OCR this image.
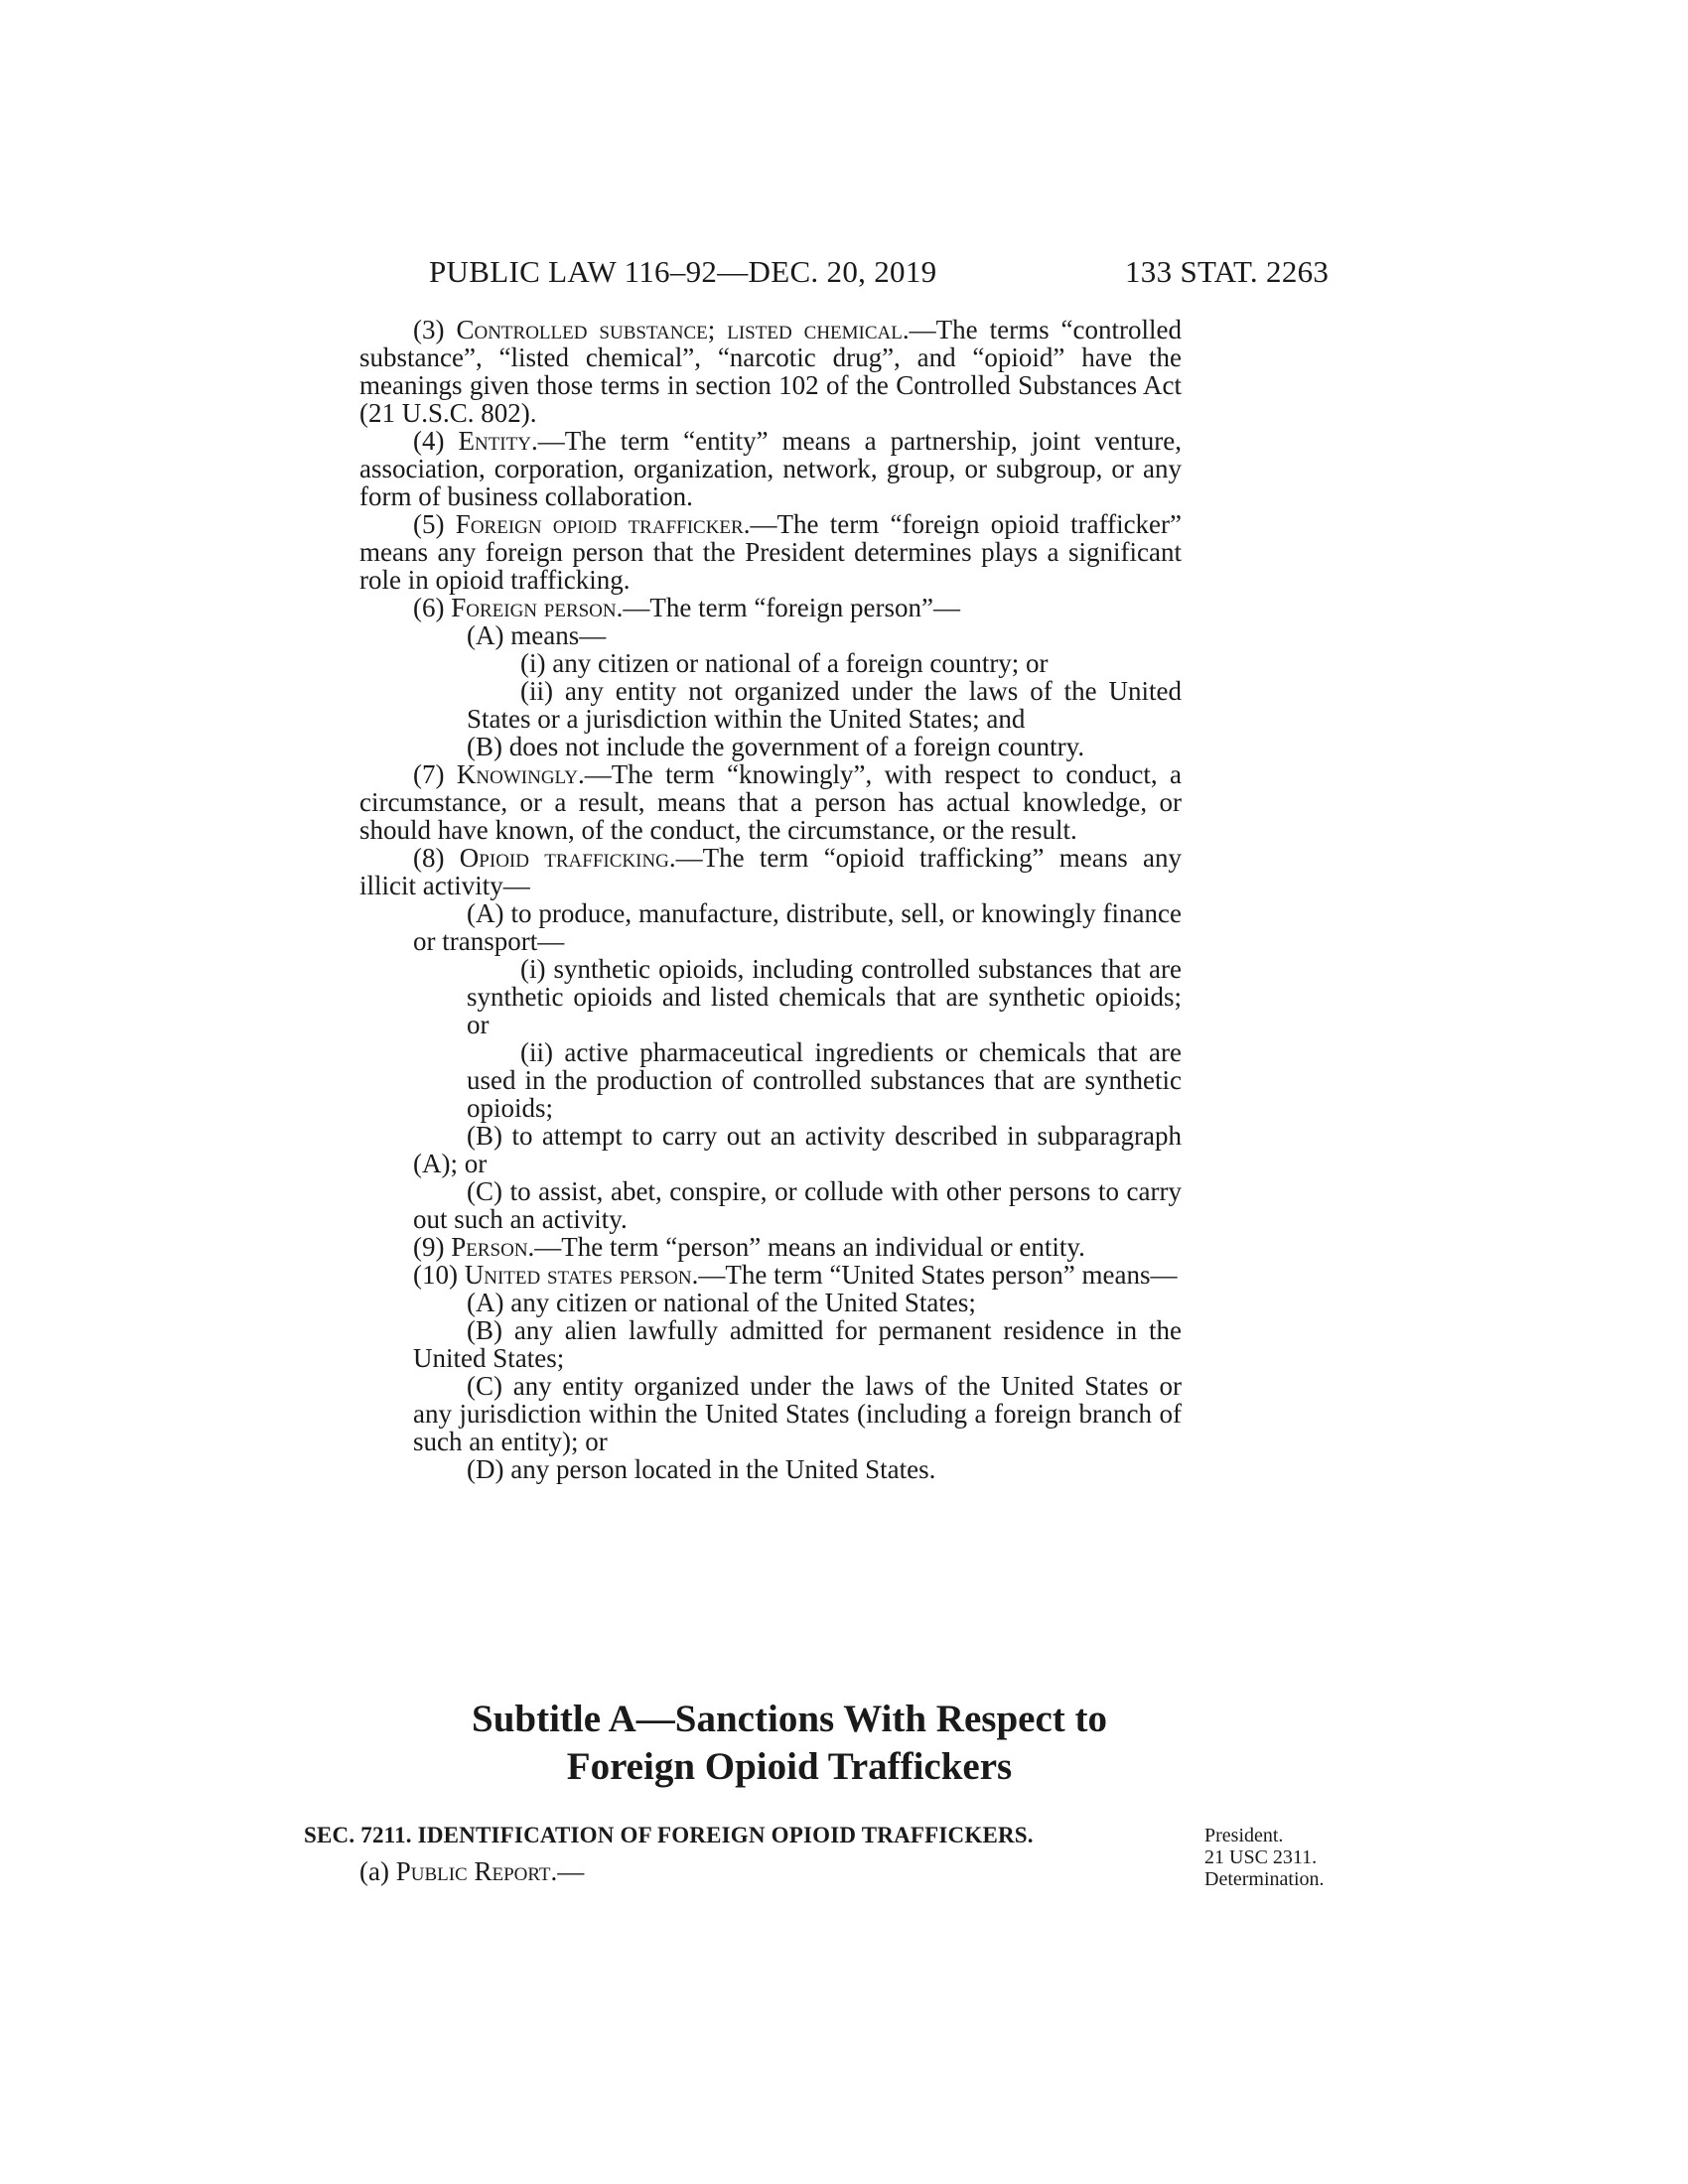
PUBLIC LAW 116–92—DEC. 20, 2019	133 STAT. 2263

(3) Controlled substance; listed chemical.—The terms “controlled substance”, “listed chemical”, “narcotic drug”, and “opioid” have the meanings given those terms in section 102 of the Controlled Substances Act (21 U.S.C. 802).

(4) Entity.—The term “entity” means a partnership, joint venture, association, corporation, organization, network, group, or subgroup, or any form of business collaboration.

(5) Foreign opioid trafficker.—The term “foreign opioid trafficker” means any foreign person that the President determines plays a significant role in opioid trafficking.

(6) Foreign person.—The term “foreign person”—

(A) means—

(i) any citizen or national of a foreign country; or

(ii) any entity not organized under the laws of the United States or a jurisdiction within the United States; and

(B) does not include the government of a foreign country.

(7) Knowingly.—The term “knowingly”, with respect to conduct, a circumstance, or a result, means that a person has actual knowledge, or should have known, of the conduct, the circumstance, or the result.

(8) Opioid trafficking.—The term “opioid trafficking” means any illicit activity—

(A) to produce, manufacture, distribute, sell, or knowingly finance or transport—

(i) synthetic opioids, including controlled substances that are synthetic opioids and listed chemicals that are synthetic opioids; or

(ii) active pharmaceutical ingredients or chemicals that are used in the production of controlled substances that are synthetic opioids;

(B) to attempt to carry out an activity described in subparagraph (A); or

(C) to assist, abet, conspire, or collude with other persons to carry out such an activity.

(9) Person.—The term “person” means an individual or entity.

(10) United states person.—The term “United States person” means—

(A) any citizen or national of the United States;

(B) any alien lawfully admitted for permanent residence in the United States;

(C) any entity organized under the laws of the United States or any jurisdiction within the United States (including a foreign branch of such an entity); or

(D) any person located in the United States.

Subtitle A—Sanctions With Respect to
Foreign Opioid Traffickers
SEC. 7211. IDENTIFICATION OF FOREIGN OPIOID TRAFFICKERS.
(a) Public Report.—
President.
21 USC 2311.
Determination.
